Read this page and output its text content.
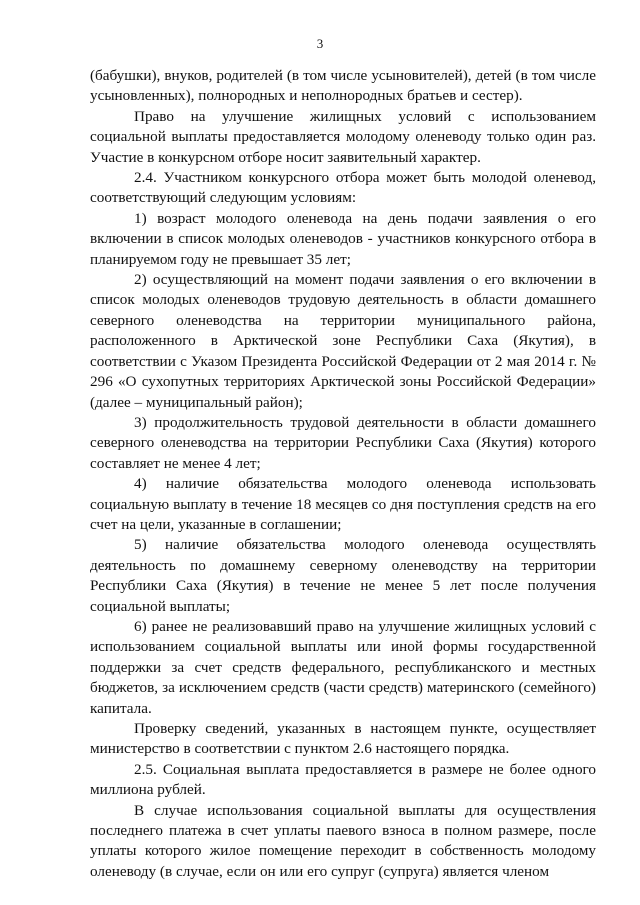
3

(бабушки), внуков, родителей (в том числе усыновителей), детей (в том числе усыновленных), полнородных и неполнородных братьев и сестер).

Право на улучшение жилищных условий с использованием социальной выплаты предоставляется молодому оленеводу только один раз. Участие в конкурсном отборе носит заявительный характер.

2.4. Участником конкурсного отбора может быть молодой оленевод, соответствующий следующим условиям:

1) возраст молодого оленевода на день подачи заявления о его включении в список молодых оленеводов - участников конкурсного отбора в планируемом году не превышает 35 лет;

2) осуществляющий на момент подачи заявления о его включении в список молодых оленеводов трудовую деятельность в области домашнего северного оленеводства на территории муниципального района, расположенного в Арктической зоне Республики Саха (Якутия), в соответствии с Указом Президента Российской Федерации от 2 мая 2014 г. № 296 «О сухопутных территориях Арктической зоны Российской Федерации» (далее – муниципальный район);

3) продолжительность трудовой деятельности в области домашнего северного оленеводства на территории Республики Саха (Якутия) которого составляет не менее 4 лет;

4) наличие обязательства молодого оленевода использовать социальную выплату в течение 18 месяцев со дня поступления средств на его счет на цели, указанные в соглашении;

5) наличие обязательства молодого оленевода осуществлять деятельность по домашнему северному оленеводству на территории Республики Саха (Якутия) в течение не менее 5 лет после получения социальной выплаты;

6) ранее не реализовавший право на улучшение жилищных условий с использованием социальной выплаты или иной формы государственной поддержки за счет средств федерального, республиканского и местных бюджетов, за исключением средств (части средств) материнского (семейного) капитала.

Проверку сведений, указанных в настоящем пункте, осуществляет министерство в соответствии с пунктом 2.6 настоящего порядка.

2.5. Социальная выплата предоставляется в размере не более одного миллиона рублей.

В случае использования социальной выплаты для осуществления последнего платежа в счет уплаты паевого взноса в полном размере, после уплаты которого жилое помещение переходит в собственность молодому оленеводу (в случае, если он или его супруг (супруга) является членом
